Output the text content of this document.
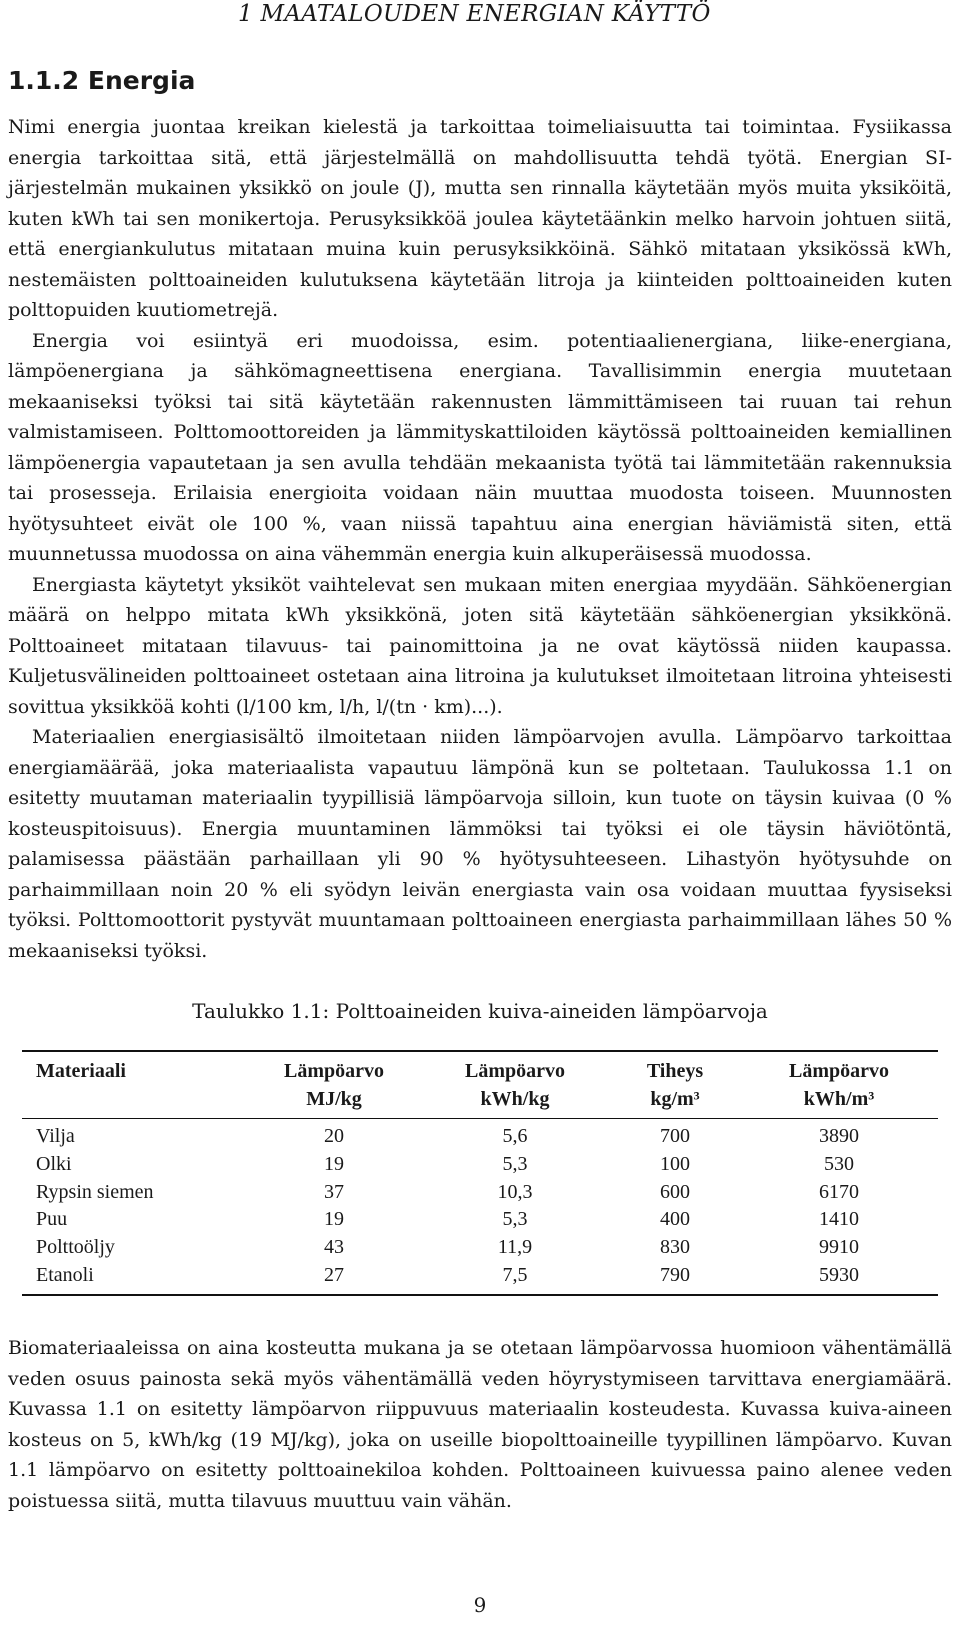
1 MAATALOUDEN ENERGIAN KÄYTTÖ
1.1.2 Energia

Nimi energia juontaa kreikan kielestä ja tarkoittaa toimeliaisuutta tai toimintaa. Fysiikassa energia tarkoittaa sitä, että järjestelmällä on mahdollisuutta tehdä työtä. Energian SI-järjestelmän mukainen yksikkö on joule (J), mutta sen rinnalla käytetään myös muita yksiköitä, kuten kWh tai sen monikertoja. Perusyksikköä joulea käytetäänkin melko harvoin johtuen siitä, että energiankulutus mitataan muina kuin perusyksikköinä. Sähkö mitataan yksikössä kWh, nestemäisten polttoaineiden kulutuksena käytetään litroja ja kiinteiden polttoaineiden kuten polttopuiden kuutiometrejä.

Energia voi esiintyä eri muodoissa, esim. potentiaalienergiana, liike-energiana, lämpöenergiana ja sähkömagneettisena energiana. Tavallisimmin energia muutetaan mekaaniseksi työksi tai sitä käytetään rakennusten lämmittämiseen tai ruuan tai rehun valmistamiseen. Polttomoottoreiden ja lämmityskattiloiden käytössä polttoaineiden kemiallinen lämpöenergia vapautetaan ja sen avulla tehdään mekaanista työtä tai lämmitetään rakennuksia tai prosesseja. Erilaisia energioita voidaan näin muuttaa muodosta toiseen. Muunnosten hyötysuhteet eivät ole 100 %, vaan niissä tapahtuu aina energian häviämistä siten, että muunnetussa muodossa on aina vähemmän energia kuin alkuperäisessä muodossa.

Energiasta käytetyt yksiköt vaihtelevat sen mukaan miten energiaa myydään. Sähköenergian määrä on helppo mitata kWh yksikkönä, joten sitä käytetään sähköenergian yksikkönä. Polttoaineet mitataan tilavuus- tai painomittoina ja ne ovat käytössä niiden kaupassa. Kuljetusvälineiden polttoaineet ostetaan aina litroina ja kulutukset ilmoitetaan litroina yhteisesti sovittua yksikköä kohti (l/100 km, l/h, l/(tn · km)...).

Materiaalien energiasisältö ilmoitetaan niiden lämpöarvojen avulla. Lämpöarvo tarkoittaa energiamäärää, joka materiaalista vapautuu lämpönä kun se poltetaan. Taulukossa 1.1 on esitetty muutaman materiaalin tyypillisiä lämpöarvoja silloin, kun tuote on täysin kuivaa (0 % kosteuspitoisuus). Energia muuntaminen lämmöksi tai työksi ei ole täysin häviötöntä, palamisessa päästään parhaillaan yli 90 % hyötysuhteeseen. Lihastyön hyötysuhde on parhaimmillaan noin 20 % eli syödyn leivän energiasta vain osa voidaan muuttaa fyysiseksi työksi. Polttomoottorit pystyvät muuntamaan polttoaineen energiasta parhaimmillaan lähes 50 % mekaaniseksi työksi.

Taulukko 1.1: Polttoaineiden kuiva-aineiden lämpöarvoja
Materiaali	Lämpöarvo	Lämpöarvo	Tiheys	Lämpöarvo
	MJ/kg	kWh/kg	kg/m³	kWh/m³
Vilja	20	5,6	700	3890
Olki	19	5,3	100	530
Rypsin siemen	37	10,3	600	6170
Puu	19	5,3	400	1410
Polttoöljy	43	11,9	830	9910
Etanoli	27	7,5	790	5930

Biomateriaaleissa on aina kosteutta mukana ja se otetaan lämpöarvossa huomioon vähentämällä veden osuus painosta sekä myös vähentämällä veden höyrystymiseen tarvittava energiamäärä. Kuvassa 1.1 on esitetty lämpöarvon riippuvuus materiaalin kosteudesta. Kuvassa kuiva-aineen kosteus on 5, kWh/kg (19 MJ/kg), joka on useille biopolttoaineille tyypillinen lämpöarvo. Kuvan 1.1 lämpöarvo on esitetty polttoainekiloa kohden. Polttoaineen kuivuessa paino alenee veden poistuessa siitä, mutta tilavuus muuttuu vain vähän.

9
